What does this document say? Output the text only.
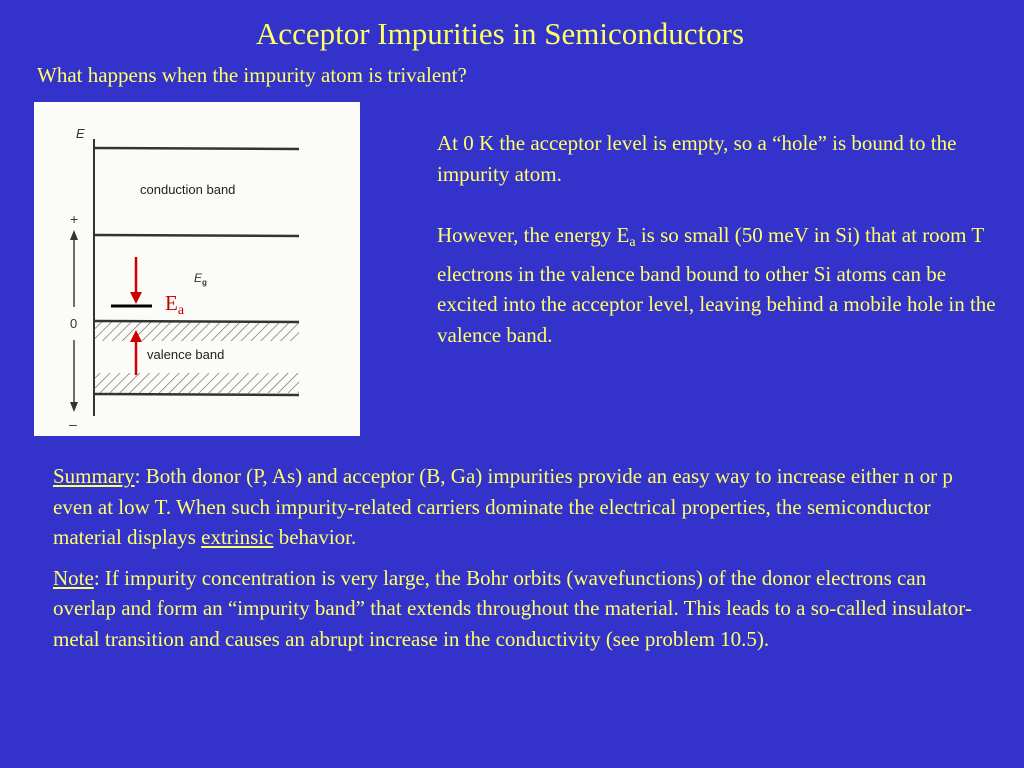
Acceptor Impurities in Semiconductors
What happens when the impurity atom is trivalent?
E
+
0
–
conduction band
$E_g$
valence band
$E_a$

At 0 K the acceptor level is empty, so a “hole” is bound to the impurity atom.

However, the energy $E_a$ is so small (50 meV in Si) that at room T electrons in the valence band bound to other Si atoms can be excited into the acceptor level, leaving behind a mobile hole in the valence band.

Summary: Both donor (P, As) and acceptor (B, Ga) impurities provide an easy way to increase either n or p even at low T. When such impurity-related carriers dominate the electrical properties, the semiconductor material displays extrinsic behavior.

Note: If impurity concentration is very large, the Bohr orbits (wavefunctions) of the donor electrons can overlap and form an “impurity band” that extends throughout the material. This leads to a so-called insulator-metal transition and causes an abrupt increase in the conductivity (see problem 10.5).
